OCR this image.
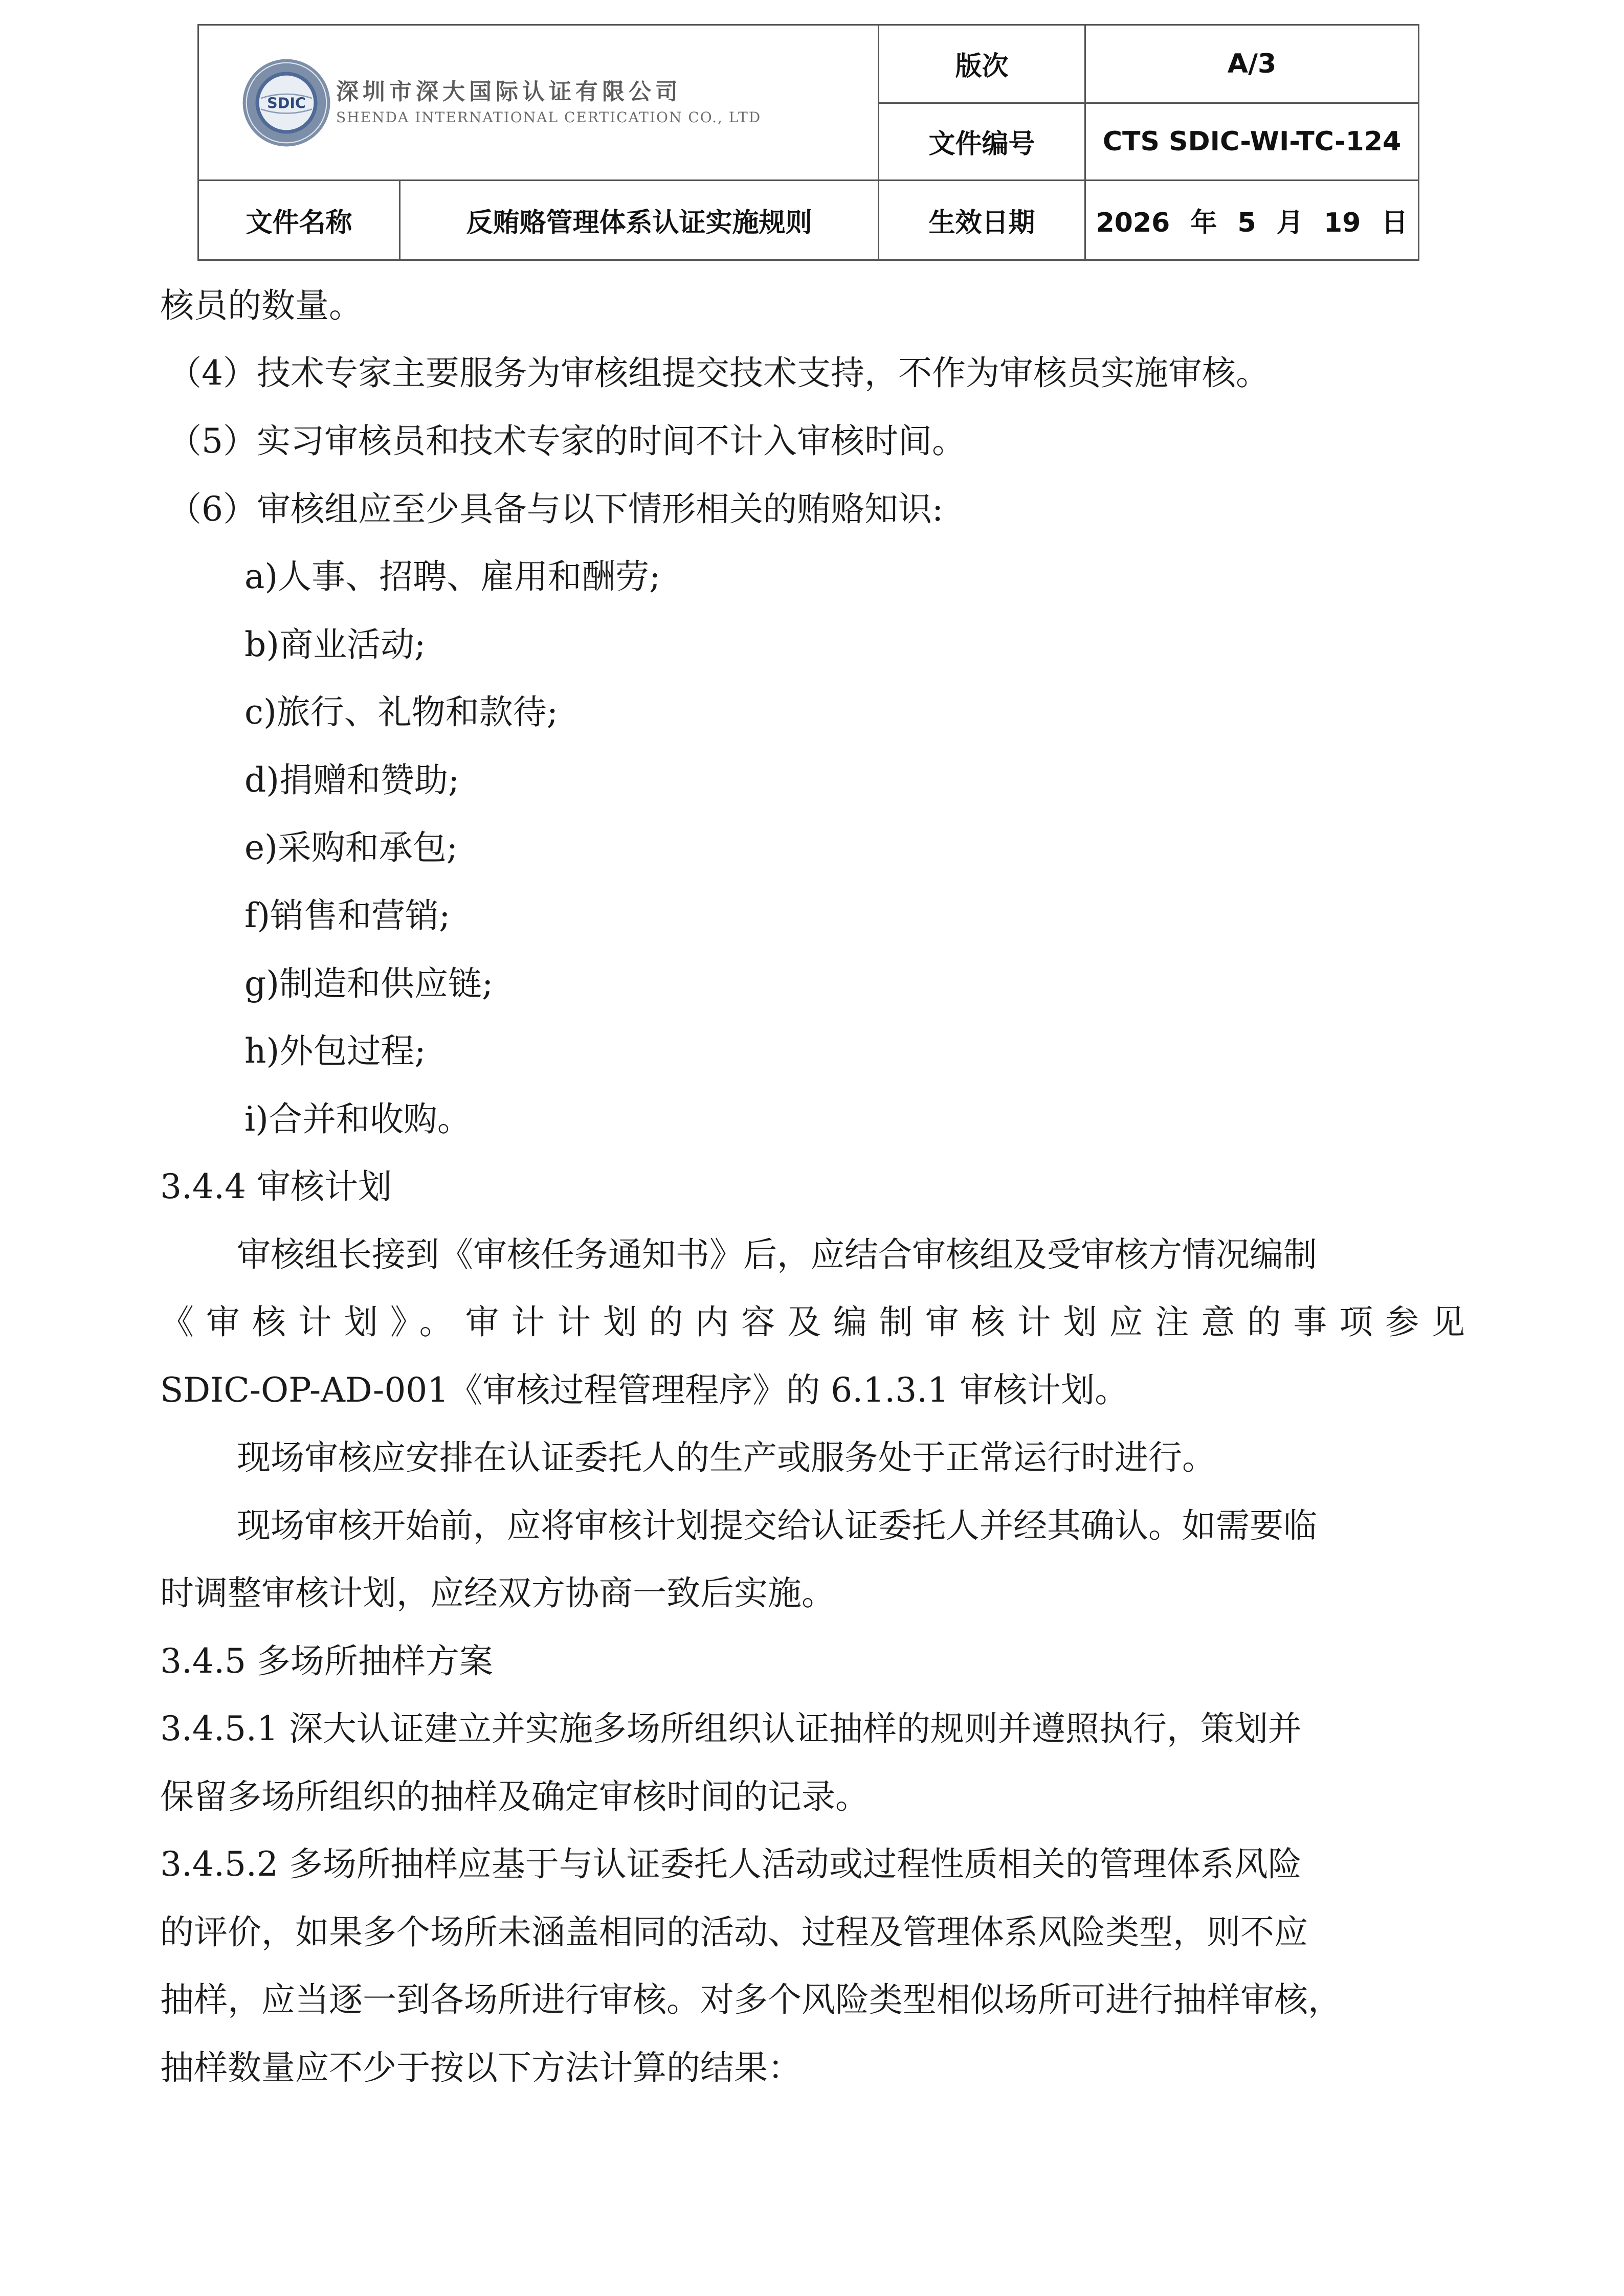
SDIC 深圳市深大国际认证有限公司
SHENDA INTERNATIONAL CERTICATION CO., LTD		版次	A/3
		文件编号	CTS SDIC-WI-TC-124
文件名称	反贿赂管理体系认证实施规则	生效日期	2026 年 5 月 19 日
核员的数量。
（4）技术专家主要服务为审核组提交技术支持，不作为审核员实施审核。
（5）实习审核员和技术专家的时间不计入审核时间。
（6）审核组应至少具备与以下情形相关的贿赂知识:
a)人事、招聘、雇用和酬劳;
b)商业活动;
c)旅行、礼物和款待;
d)捐赠和赞助;
e)采购和承包;
f)销售和营销;
g)制造和供应链;
h)外包过程;
i)合并和收购。
3.4.4 审核计划
审核组长接到《审核任务通知书》后，应结合审核组及受审核方情况编制
《审核计划》。审计计划的内容及编制审核计划应注意的事项参见
SDIC-OP-AD-001《审核过程管理程序》的 6.1.3.1 审核计划。
现场审核应安排在认证委托人的生产或服务处于正常运行时进行。
现场审核开始前，应将审核计划提交给认证委托人并经其确认。如需要临
时调整审核计划，应经双方协商一致后实施。
3.4.5 多场所抽样方案
3.4.5.1 深大认证建立并实施多场所组织认证抽样的规则并遵照执行，策划并
保留多场所组织的抽样及确定审核时间的记录。
3.4.5.2 多场所抽样应基于与认证委托人活动或过程性质相关的管理体系风险
的评价，如果多个场所未涵盖相同的活动、过程及管理体系风险类型，则不应
抽样，应当逐一到各场所进行审核。对多个风险类型相似场所可进行抽样审核，
抽样数量应不少于按以下方法计算的结果：
